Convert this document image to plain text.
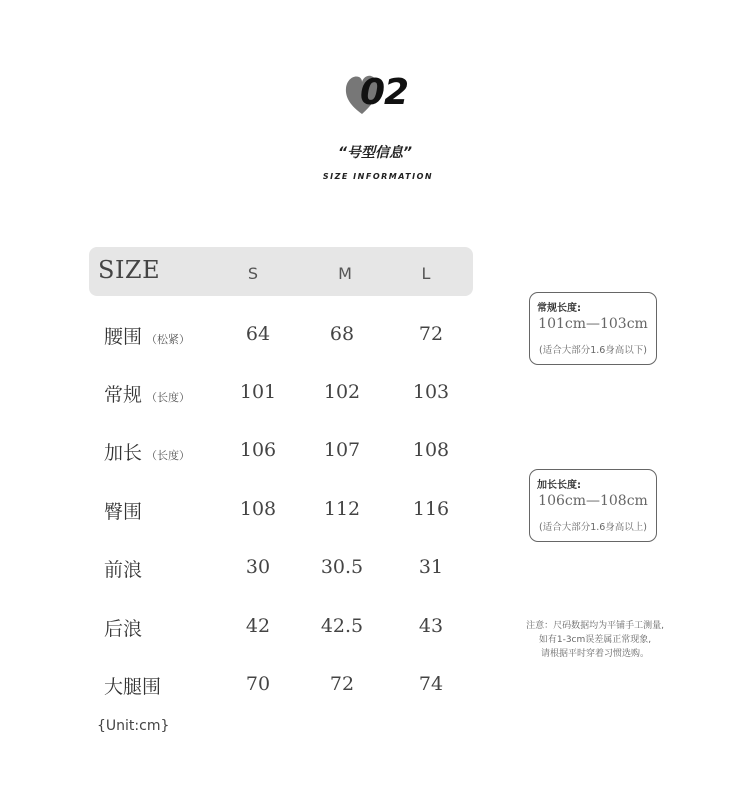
02
“号型信息”
SIZE INFORMATION
SIZE	S	M	L
腰围 （松紧）	64	68	72
常规 （长度）	101	102	103
加长 （长度）	106	107	108
臀围	108	112	116
前浪	30	30.5	31
后浪	42	42.5	43
大腿围	70	72	74
{Unit:cm}
常规长度:
101cm—103cm
(适合大部分1.6身高以下)
加长长度:
106cm—108cm
(适合大部分1.6身高以上)
注意：尺码数据均为平铺手工测量,
如有1-3cm误差属正常现象,
请根据平时穿着习惯选购。
